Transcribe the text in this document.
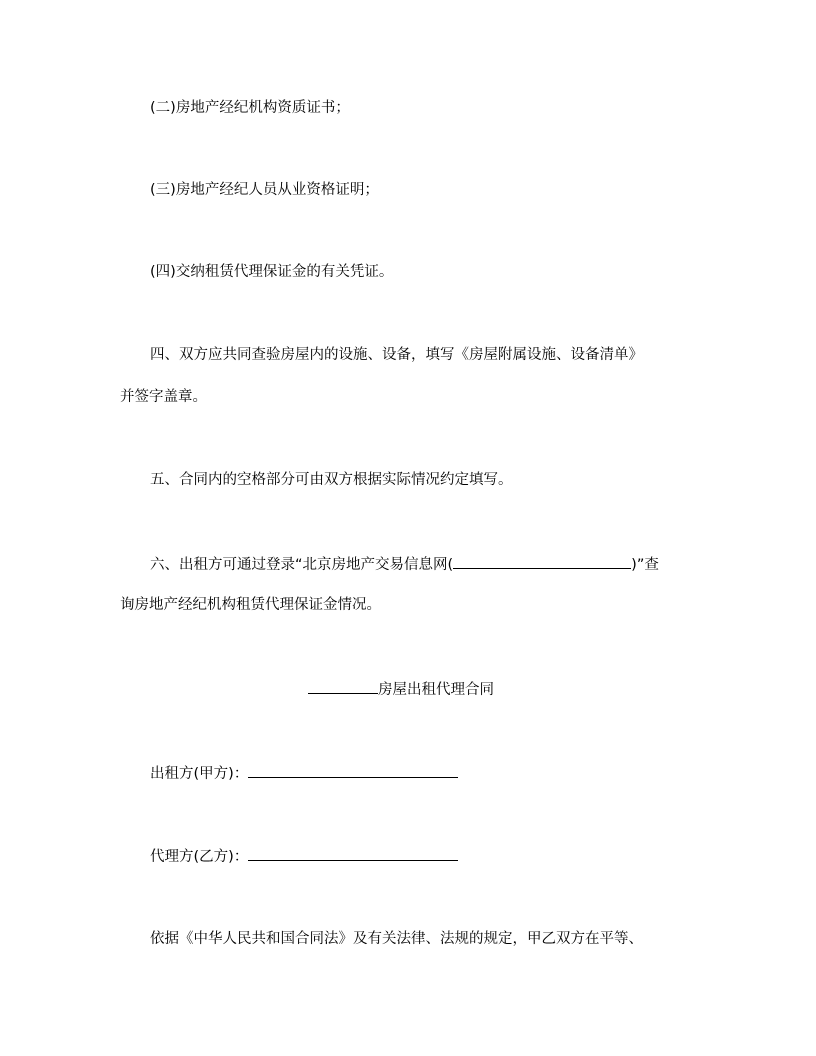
(二)房地产经纪机构资质证书；
(三)房地产经纪人员从业资格证明；
(四)交纳租赁代理保证金的有关凭证。
四、双方应共同查验房屋内的设施、设备，填写《房屋附属设施、设备清单》
并签字盖章。
五、合同内的空格部分可由双方根据实际情况约定填写。
六、出租方可通过登录“北京房地产交易信息网(	)”查
询房地产经纪机构租赁代理保证金情况。
房屋出租代理合同
出租方(甲方)：
代理方(乙方)：
依据《中华人民共和国合同法》及有关法律、法规的规定，甲乙双方在平等、
